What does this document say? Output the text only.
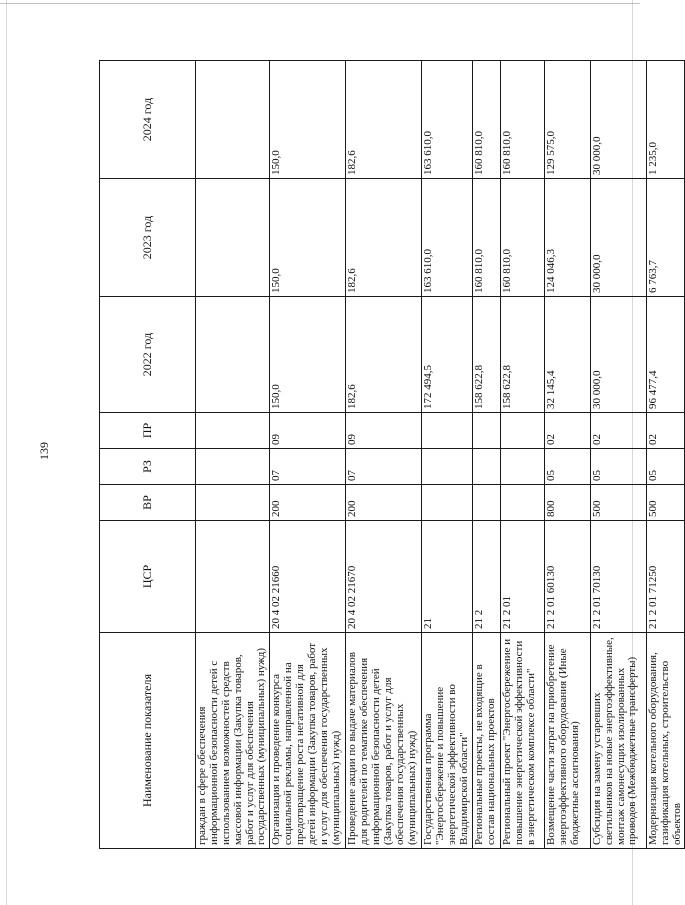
139
Наименование показателя	ЦСР	ВР	РЗ	ПР	2022 год	2023 год	2024 год
граждан в сфере обеспечения информационной безопасности детей с использованием возможностей средств массовой информации (Закупка товаров, работ и услуг для обеспечения государственных (муниципальных) нужд)							
Организация и проведение конкурса социальной рекламы, направленной на предотвращение роста негативной для детей информации (Закупка товаров, работ и услуг для обеспечения государственных (муниципальных) нужд)	20 4 02 21660	200	07	09	150,0	150,0	150,0
Проведение акции по выдаче материалов для родителей по тематике обеспечения информационной безопасности детей (Закупка товаров, работ и услуг для обеспечения государственных (муниципальных) нужд)	20 4 02 21670	200	07	09	182,6	182,6	182,6
Государственная программа "Энергосбережение и повышение энергетической эффективности во Владимирской области"	21				172 494,5	163 610,0	163 610,0
Региональные проекты, не входящие в состав национальных проектов	21 2				158 622,8	160 810,0	160 810,0
Региональный проект "Энергосбережение и повышение энергетической эффективности в энергетическом комплексе области"	21 2 01				158 622,8	160 810,0	160 810,0
Возмещение части затрат на приобретение энергоэффективного оборудования (Иные бюджетные ассигнования)	21 2 01 60130	800	05	02	32 145,4	124 046,3	129 575,0
Субсидия на замену устаревших светильников на новые энергоэффективные, монтаж самонесущих изолированных проводов (Межбюджетные трансферты)	21 2 01 70130	500	05	02	30 000,0	30 000,0	30 000,0
Модернизация котельного оборудования, газификация котельных, строительство объектов	21 2 01 71250	500	05	02	96 477,4	6 763,7	1 235,0
